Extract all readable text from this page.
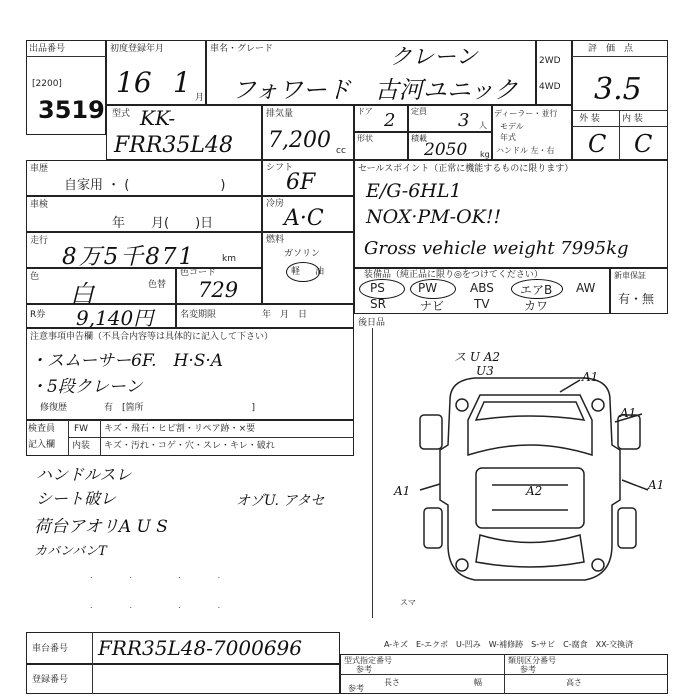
出品番号
[2200]
3519
初度登録年月
16 1 月
車名・グレード	クレーン
フォワード　古河ユニック
2WD
4WD
評　価　点
3.5
外 装 内 装
C C
型式 KK-
FRR35L48
排気量
7,200 cc
ドア 2 定員 3 人
形状	積載
2050 kg
ディーラー・並行
モデル
年式
ハンドル 左・右
車歴
自家用 ・ (　　　　　　　)
車検
年　　月(　　)日
走行
8万5千871	km
色
白	色替
色コード
729
R券 9,140円	名変期限	年　月　日
シフト
6F
冷房
A·C
燃料
ガソリン
軽 油
セールスポイント（正常に機能するものに限ります）
E/G-6HL1
NOX·PM-OK!!
Gross vehicle weight 7995kg
装備品（純正品に限り◎をつけてください）
PS	PW	ABS エアB AW
SR	ナビ TV	カワ
新車保証
有・無
後日品
注意事項申告欄（不具合内容等は具体的に記入して下さい）
・スムーサー6F.　H·S·A
・5段クレーン
修復歴	有　[箇所　　　　　　　　　　　　]
検査員
記入欄
FW キズ・飛石・ヒビ割・リペア跡・×要
内装 キズ・汚れ・コゲ・穴・スレ・キレ・破れ
ハンドルスレ
シート破レ
荷台アオリA U S
カバンバンT
オゾU. アタセ
.　　　　.　　　　　.　　　　.
.　　　　.　　　　　.　　　　.
ス U A2
U3	A1
A1
A1	A1
A2
スマ
車台番号 FRR35L48-7000696
登録番号
A-キズ　E-エクボ　U-凹み　W-補修跡　S-サビ　C-腐食　XX-交換済
型式指定番号
参考
類別区分番号
参考
参考
長さ	幅	高さ
